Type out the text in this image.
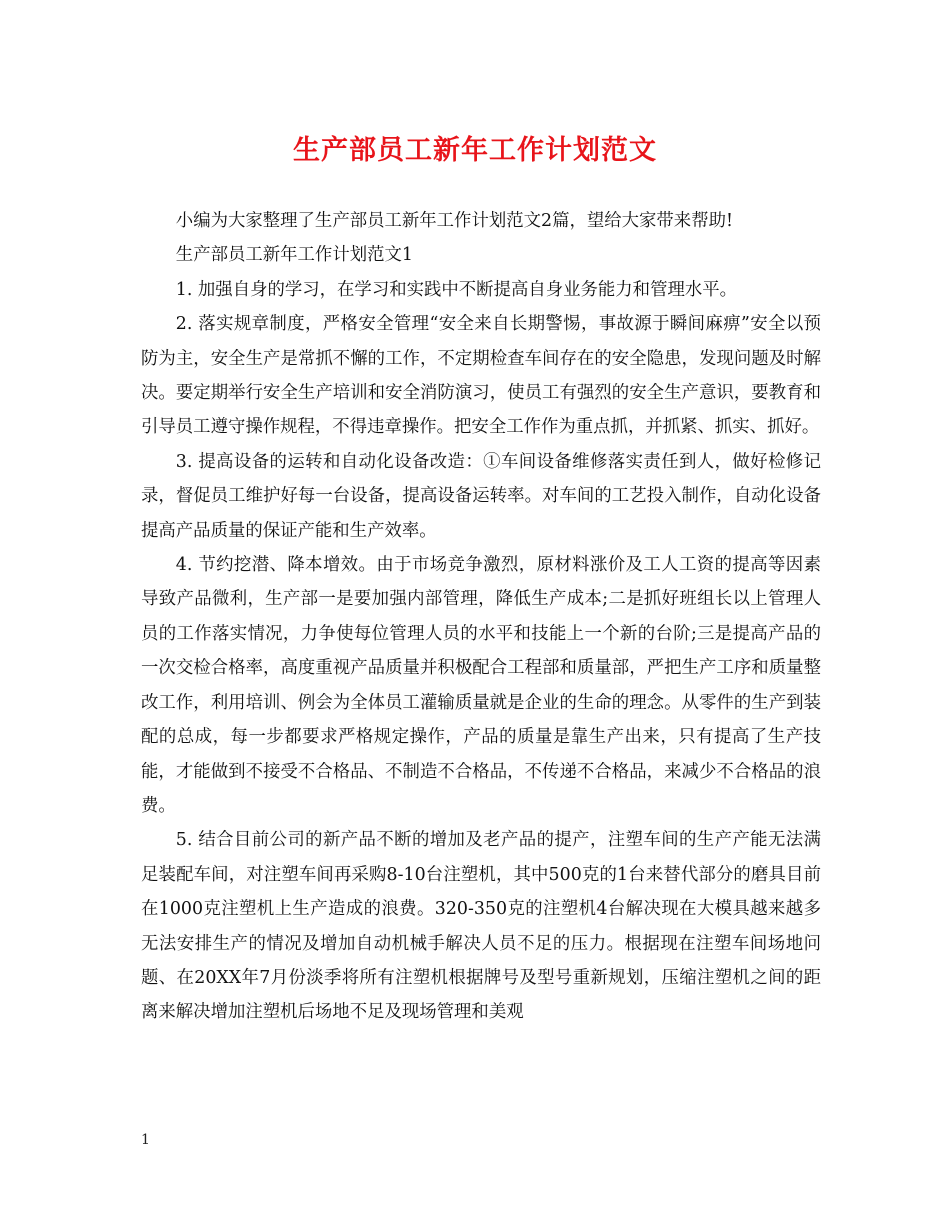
生产部员工新年工作计划范文

小编为大家整理了生产部员工新年工作计划范文2篇，望给大家带来帮助!

生产部员工新年工作计划范文1

1. 加强自身的学习，在学习和实践中不断提高自身业务能力和管理水平。

2. 落实规章制度，严格安全管理“安全来自长期警惕，事故源于瞬间麻痹”安全以预防为主，安全生产是常抓不懈的工作，不定期检查车间存在的安全隐患，发现问题及时解决。要定期举行安全生产培训和安全消防演习，使员工有强烈的安全生产意识，要教育和引导员工遵守操作规程，不得违章操作。把安全工作作为重点抓，并抓紧、抓实、抓好。

3. 提高设备的运转和自动化设备改造：①车间设备维修落实责任到人，做好检修记录，督促员工维护好每一台设备，提高设备运转率。对车间的工艺投入制作，自动化设备提高产品质量的保证产能和生产效率。

4. 节约挖潜、降本增效。由于市场竞争激烈，原材料涨价及工人工资的提高等因素导致产品微利，生产部一是要加强内部管理，降低生产成本;二是抓好班组长以上管理人员的工作落实情况，力争使每位管理人员的水平和技能上一个新的台阶;三是提高产品的一次交检合格率，高度重视产品质量并积极配合工程部和质量部，严把生产工序和质量整改工作，利用培训、例会为全体员工灌输质量就是企业的生命的理念。从零件的生产到装配的总成，每一步都要求严格规定操作，产品的质量是靠生产出来，只有提高了生产技能，才能做到不接受不合格品、不制造不合格品，不传递不合格品，来减少不合格品的浪费。

5. 结合目前公司的新产品不断的增加及老产品的提产，注塑车间的生产产能无法满足装配车间，对注塑车间再采购8-10台注塑机，其中500克的1台来替代部分的磨具目前在1000克注塑机上生产造成的浪费。320-350克的注塑机4台解决现在大模具越来越多无法安排生产的情况及增加自动机械手解决人员不足的压力。根据现在注塑车间场地问题、在20XX年7月份淡季将所有注塑机根据牌号及型号重新规划，压缩注塑机之间的距离来解决增加注塑机后场地不足及现场管理和美观

1
